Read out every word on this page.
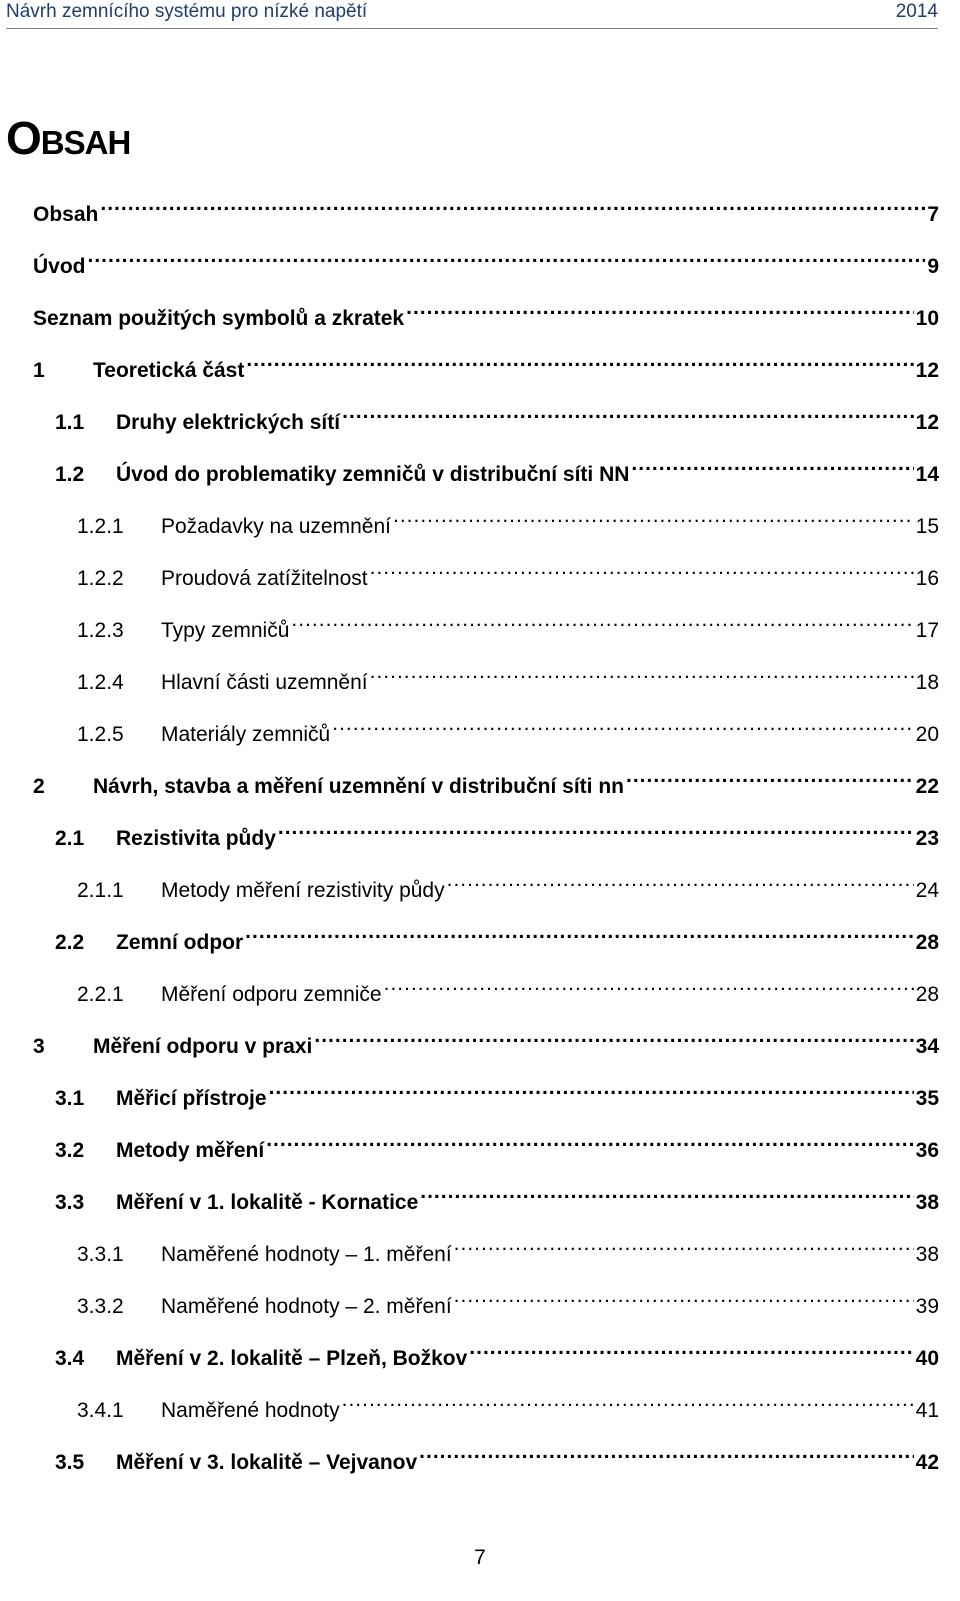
Návrh zemnícího systému pro nízké napětí	2014
OBSAH
Obsah .....	7
Úvod .....	9
Seznam použitých symbolů a zkratek .....	10
1	Teoretická část .....	12
1.1	Druhy elektrických sítí .....	12
1.2	Úvod do problematiky zemničů v distribuční síti NN .....	14
1.2.1	Požadavky na uzemnění .....	15
1.2.2	Proudová zatížitelnost .....	16
1.2.3	Typy zemničů .....	17
1.2.4	Hlavní části uzemnění .....	18
1.2.5	Materiály zemničů .....	20
2	Návrh, stavba a měření uzemnění v distribuční síti nn .....	22
2.1	Rezistivita půdy .....	23
2.1.1	Metody měření rezistivity půdy .....	24
2.2	Zemní odpor .....	28
2.2.1	Měření odporu zemniče .....	28
3	Měření odporu v praxi .....	34
3.1	Měřicí přístroje .....	35
3.2	Metody měření .....	36
3.3	Měření v 1. lokalitě - Kornatice .....	38
3.3.1	Naměřené hodnoty – 1. měření .....	38
3.3.2	Naměřené hodnoty – 2. měření .....	39
3.4	Měření v 2. lokalitě – Plzeň, Božkov .....	40
3.4.1	Naměřené hodnoty .....	41
3.5	Měření v 3. lokalitě – Vejvanov .....	42
7
